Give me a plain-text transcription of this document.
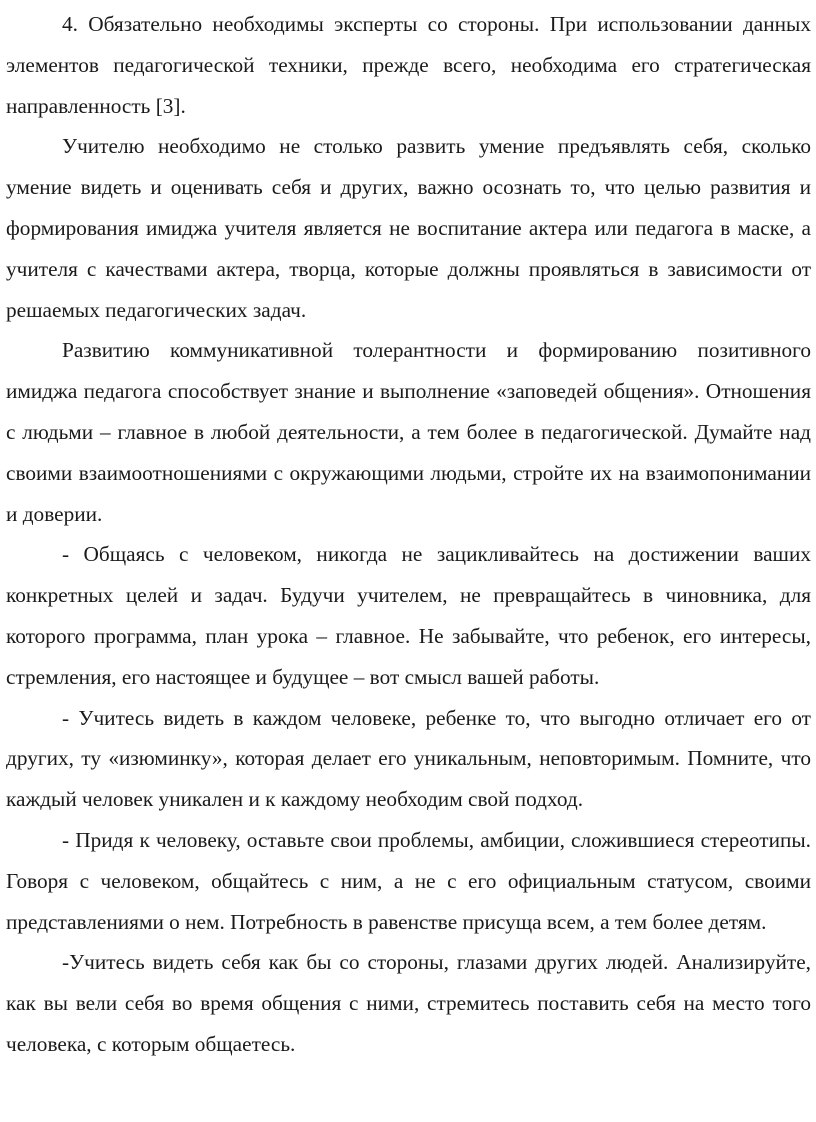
4. Обязательно необходимы эксперты со стороны. При использовании данных элементов педагогической техники, прежде всего, необходима его стратегическая направленность [3].

Учителю необходимо не столько развить умение предъявлять себя, сколько умение видеть и оценивать себя и других, важно осознать то, что целью развития и формирования имиджа учителя является не воспитание актера или педагога в маске, а учителя с качествами актера, творца, которые должны проявляться в зависимости от решаемых педагогических задач.

Развитию коммуникативной толерантности и формированию позитивного имиджа педагога способствует знание и выполнение «заповедей общения». Отношения с людьми – главное в любой деятельности, а тем более в педагогической. Думайте над своими взаимоотношениями с окружающими людьми, стройте их на взаимопонимании и доверии.

- Общаясь с человеком, никогда не зацикливайтесь на достижении ваших конкретных целей и задач. Будучи учителем, не превращайтесь в чиновника, для которого программа, план урока – главное. Не забывайте, что ребенок, его интересы, стремления, его настоящее и будущее – вот смысл вашей работы.

- Учитесь видеть в каждом человеке, ребенке то, что выгодно отличает его от других, ту «изюминку», которая делает его уникальным, неповторимым. Помните, что каждый человек уникален и к каждому необходим свой подход.

- Придя к человеку, оставьте свои проблемы, амбиции, сложившиеся стереотипы. Говоря с человеком, общайтесь с ним, а не с его официальным статусом, своими представлениями о нем. Потребность в равенстве присуща всем, а тем более детям.

-Учитесь видеть себя как бы со стороны, глазами других людей. Анализируйте, как вы вели себя во время общения с ними, стремитесь поставить себя на место того человека, с которым общаетесь.
